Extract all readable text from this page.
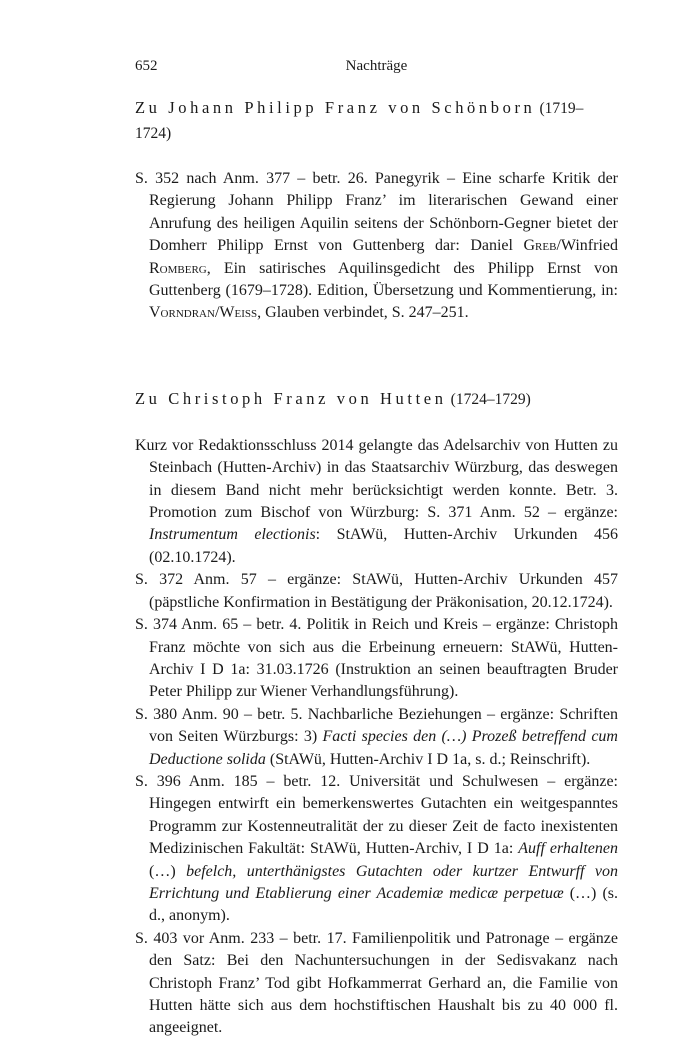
652	Nachträge
Zu Johann Philipp Franz von Schönborn (1719–1724)

S. 352 nach Anm. 377 – betr. 26. Panegyrik – Eine scharfe Kritik der Regierung Johann Philipp Franz’ im literarischen Gewand einer Anrufung des heiligen Aquilin seitens der Schönborn-Gegner bietet der Domherr Philipp Ernst von Guttenberg dar: Daniel Greb/Winfried Romberg, Ein satirisches Aquilinsgedicht des Philipp Ernst von Guttenberg (1679–1728). Edition, Übersetzung und Kommentierung, in: Vorndran/Weiss, Glauben verbindet, S. 247–251.

Zu Christoph Franz von Hutten (1724–1729)

Kurz vor Redaktionsschluss 2014 gelangte das Adelsarchiv von Hutten zu Steinbach (Hutten-Archiv) in das Staatsarchiv Würzburg, das deswegen in diesem Band nicht mehr berücksichtigt werden konnte. Betr. 3. Promotion zum Bischof von Würzburg: S. 371 Anm. 52 – ergänze: Instrumentum electionis: StAWü, Hutten-Archiv Urkunden 456 (02.10.1724).

S. 372 Anm. 57 – ergänze: StAWü, Hutten-Archiv Urkunden 457 (päpstliche Konfirmation in Bestätigung der Präkonisation, 20.12.1724).

S. 374 Anm. 65 – betr. 4. Politik in Reich und Kreis – ergänze: Christoph Franz möchte von sich aus die Erbeinung erneuern: StAWü, Hutten-Archiv I D 1a: 31.03.1726 (Instruktion an seinen beauftragten Bruder Peter Philipp zur Wiener Verhandlungsführung).

S. 380 Anm. 90 – betr. 5. Nachbarliche Beziehungen – ergänze: Schriften von Seiten Würzburgs: 3) Facti species den (…) Prozeß betreffend cum Deductione solida (StAWü, Hutten-Archiv I D 1a, s. d.; Reinschrift).

S. 396 Anm. 185 – betr. 12. Universität und Schulwesen – ergänze: Hingegen entwirft ein bemerkenswertes Gutachten ein weitgespanntes Programm zur Kostenneutralität der zu dieser Zeit de facto inexistenten Medizinischen Fakultät: StAWü, Hutten-Archiv, I D 1a: Auff erhaltenen (…) befelch, unterthänigstes Gutachten oder kurtzer Entwurff von Errichtung und Etablierung einer Academiæ medicæ perpetuæ (…) (s. d., anonym).

S. 403 vor Anm. 233 – betr. 17. Familienpolitik und Patronage – ergänze den Satz: Bei den Nachuntersuchungen in der Sedisvakanz nach Christoph Franz’ Tod gibt Hofkammerrat Gerhard an, die Familie von Hutten hätte sich aus dem hochstiftischen Haushalt bis zu 40 000 fl. angeeignet.
